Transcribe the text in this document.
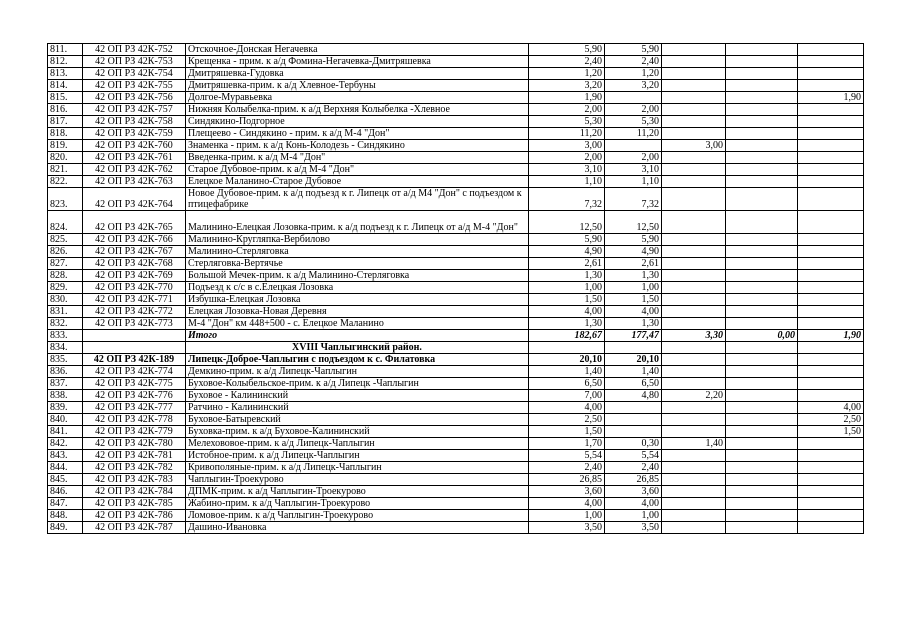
811.	42 ОП РЗ 42К-752	Отскочное-Донская Негачевка	5,90	5,90			
812.	42 ОП РЗ 42К-753	Крещенка - прим. к а/д Фомина-Негачевка-Дмитряшевка	2,40	2,40			
813.	42 ОП РЗ 42К-754	Дмитряшевка-Гудовка	1,20	1,20			
814.	42 ОП РЗ 42К-755	Дмитряшевка-прим. к а/д Хлевное-Тербуны	3,20	3,20			
815.	42 ОП РЗ 42К-756	Долгое-Муравьевка	1,90				1,90
816.	42 ОП РЗ 42К-757	Нижняя Колыбелка-прим. к а/д Верхняя Колыбелка -Хлевное	2,00	2,00			
817.	42 ОП РЗ 42К-758	Синдякино-Подгорное	5,30	5,30			
818.	42 ОП РЗ 42К-759	Плещеево - Синдякино - прим. к а/д М-4 "Дон"	11,20	11,20			
819.	42 ОП РЗ 42К-760	Знаменка - прим. к а/д Конь-Колодезь - Синдякино	3,00		3,00		
820.	42 ОП РЗ 42К-761	Введенка-прим. к а/д М-4 "Дон"	2,00	2,00			
821.	42 ОП РЗ 42К-762	Старое Дубовое-прим. к а/д М-4 "Дон"	3,10	3,10			
822.	42 ОП РЗ 42К-763	Елецкое Маланино-Старое Дубовое	1,10	1,10			
823.	42 ОП РЗ 42К-764	Новое Дубовое-прим. к а/д подъезд к г. Липецк от а/д М4 "Дон" с подъездом к птицефабрике	7,32	7,32			
824.	42 ОП РЗ 42К-765	Малинино-Елецкая Лозовка-прим. к а/д подъезд к г. Липецк от а/д М-4 "Дон"	12,50	12,50			
825.	42 ОП РЗ 42К-766	Малинино-Кругляпка-Вербилово	5,90	5,90			
826.	42 ОП РЗ 42К-767	Малинино-Стерляговка	4,90	4,90			
827.	42 ОП РЗ 42К-768	Стерляговка-Вертячье	2,61	2,61			
828.	42 ОП РЗ 42К-769	Большой Мечек-прим. к а/д Малинино-Стерляговка	1,30	1,30			
829.	42 ОП РЗ 42К-770	Подъезд к с/с в с.Елецкая Лозовка	1,00	1,00			
830.	42 ОП РЗ 42К-771	Избушка-Елецкая Лозовка	1,50	1,50			
831.	42 ОП РЗ 42К-772	Елецкая Лозовка-Новая Деревня	4,00	4,00			
832.	42 ОП РЗ 42К-773	М-4 "Дон" км 448+500 - с. Елецкое Маланино	1,30	1,30			
833.		Итого	182,67	177,47	3,30	0,00	1,90
834.		XVIII Чаплыгинский район.					
835.	42 ОП РЗ 42К-189	Липецк-Доброе-Чаплыгин с подъездом к с. Филатовка	20,10	20,10			
836.	42 ОП РЗ 42К-774	Демкино-прим. к а/д Липецк-Чаплыгин	1,40	1,40			
837.	42 ОП РЗ 42К-775	Буховое-Колыбельское-прим. к а/д Липецк -Чаплыгин	6,50	6,50			
838.	42 ОП РЗ 42К-776	Буховое - Калининский	7,00	4,80	2,20		
839.	42 ОП РЗ 42К-777	Ратчино - Калининский	4,00				4,00
840.	42 ОП РЗ 42К-778	Буховое-Батыревский	2,50				2,50
841.	42 ОП РЗ 42К-779	Буховка-прим. к а/д Буховое-Калининский	1,50				1,50
842.	42 ОП РЗ 42К-780	Мелехововое-прим. к а/д Липецк-Чаплыгин	1,70	0,30	1,40		
843.	42 ОП РЗ 42К-781	Истобное-прим. к а/д Липецк-Чаплыгин	5,54	5,54			
844.	42 ОП РЗ 42К-782	Кривополяные-прим. к а/д Липецк-Чаплыгин	2,40	2,40			
845.	42 ОП РЗ 42К-783	Чаплыгин-Троекурово	26,85	26,85			
846.	42 ОП РЗ 42К-784	ДПМК-прим. к а/д Чаплыгин-Троекурово	3,60	3,60			
847.	42 ОП РЗ 42К-785	Жабино-прим. к а/д Чаплыгин-Троекурово	4,00	4,00			
848.	42 ОП РЗ 42К-786	Ломовое-прим. к а/д Чаплыгин-Троекурово	1,00	1,00			
849.	42 ОП РЗ 42К-787	Дашино-Ивановка	3,50	3,50			
